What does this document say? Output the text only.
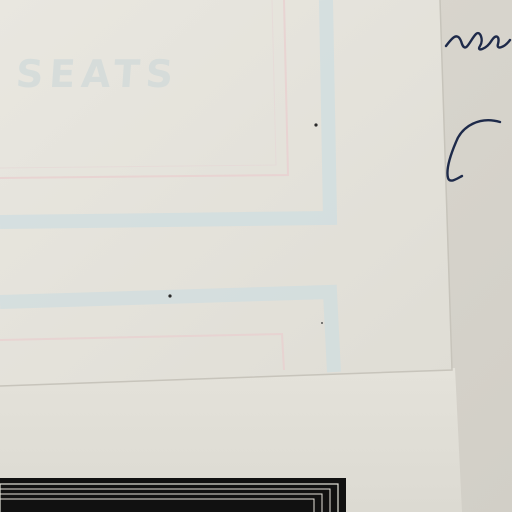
SEATS
